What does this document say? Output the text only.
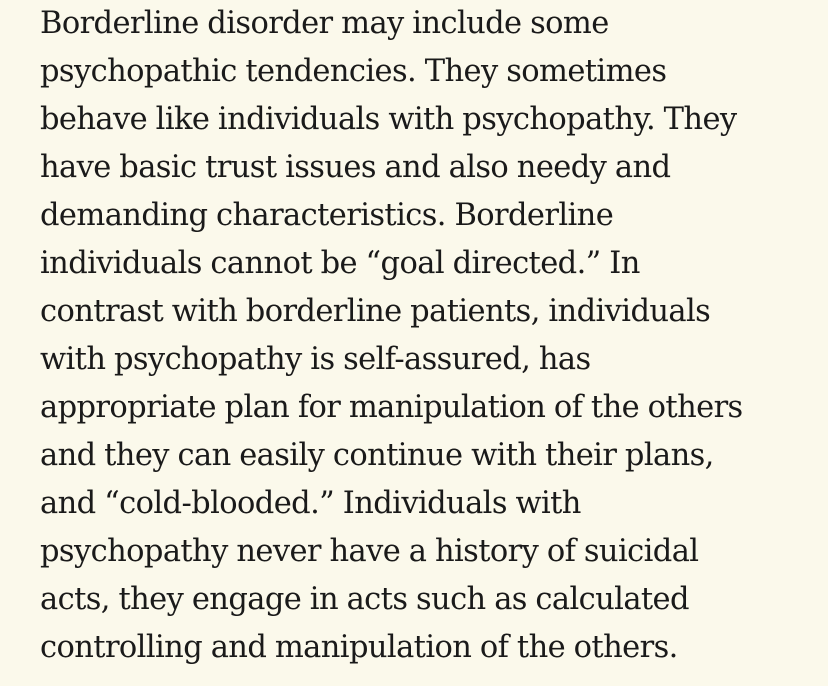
Borderline disorder may include some
psychopathic tendencies. They sometimes
behave like individuals with psychopathy. They
have basic trust issues and also needy and
demanding characteristics. Borderline
individuals cannot be “goal directed.” In
contrast with borderline patients, individuals
with psychopathy is self-assured, has
appropriate plan for manipulation of the others
and they can easily continue with their plans,
and “cold-blooded.” Individuals with
psychopathy never have a history of suicidal
acts, they engage in acts such as calculated
controlling and manipulation of the others.
